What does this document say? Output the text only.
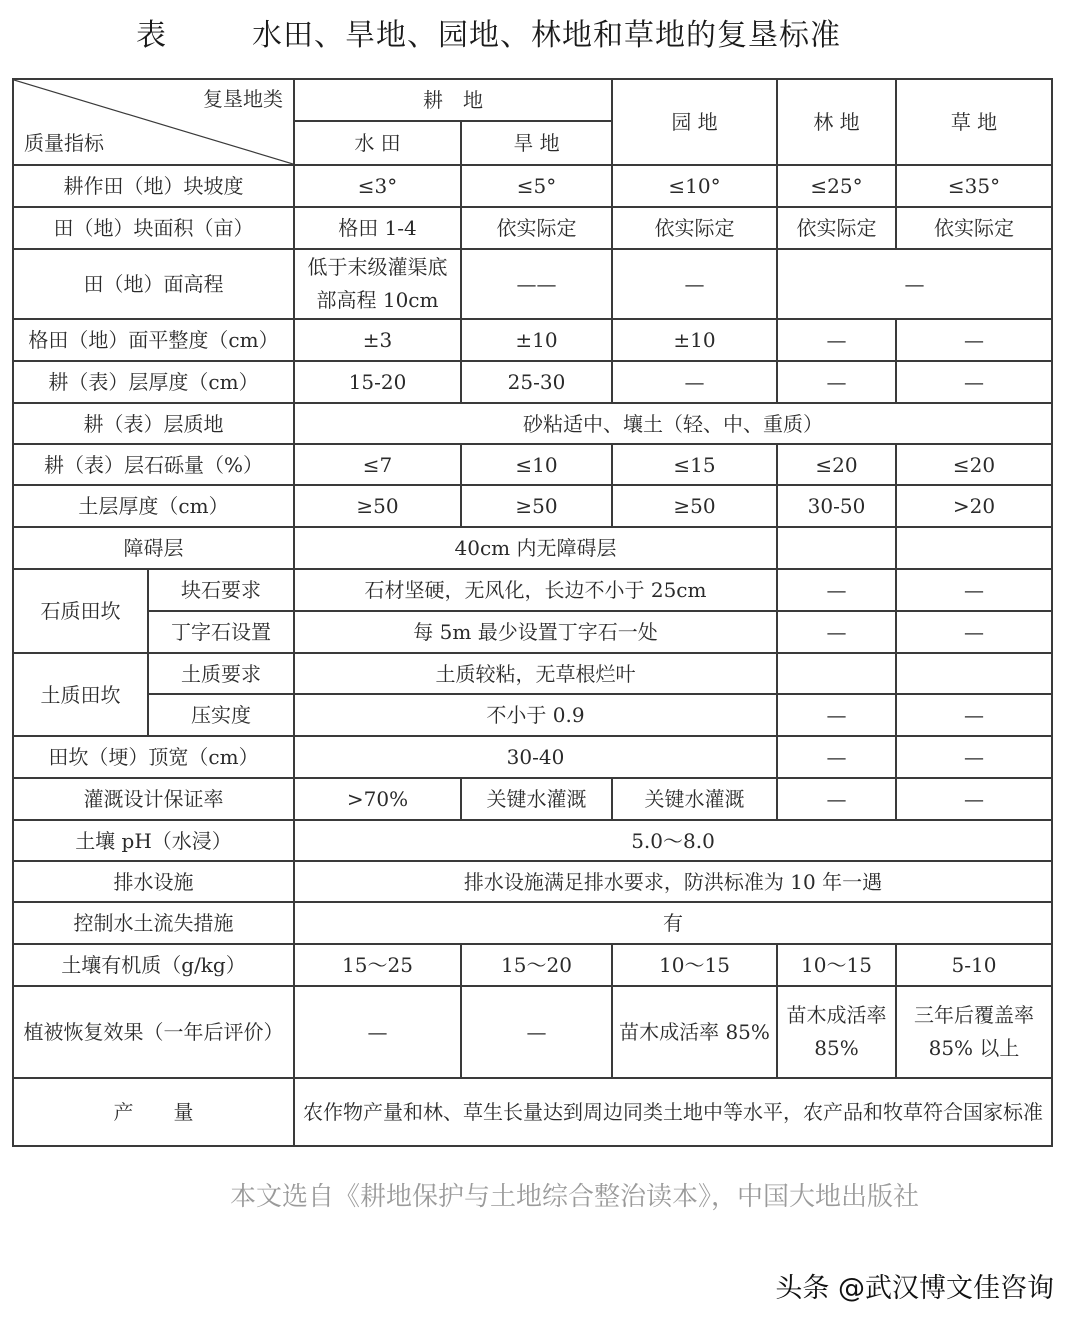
表	水田、旱地、园地、林地和草地的复垦标准
复垦地类
质量指标		耕　地		园 地	林 地	草 地
		水 田	旱 地			
耕作田（地）块坡度		≤3°	≤5°	≤10°	≤25°	≤35°
田（地）块面积（亩）		格田 1-4	依实际定	依实际定	依实际定	依实际定
田（地）面高程		低于末级灌渠底部高程 10cm	——	—	—	
格田（地）面平整度（cm）		±3	±10	±10	—	—
耕（表）层厚度（cm）		15-20	25-30	—	—	—
耕（表）层质地		砂粘适中、壤土（轻、中、重质）				
耕（表）层石砾量（%）		≤7	≤10	≤15	≤20	≤20
土层厚度（cm）		≥50	≥50	≥50	30-50	>20
障碍层		40cm 内无障碍层				
石质田坎	块石要求	石材坚硬，无风化，长边不小于 25cm			—	—
	丁字石设置	每 5m 最少设置丁字石一处			—	—
土质田坎	土质要求	土质较粘，无草根烂叶				
	压实度	不小于 0.9			—	—
田坎（埂）顶宽（cm）		30-40			—	—
灌溉设计保证率		>70%	关键水灌溉	关键水灌溉	—	—
土壤 pH（水浸）		5.0～8.0				
排水设施		排水设施满足排水要求，防洪标准为 10 年一遇				
控制水土流失措施		有				
土壤有机质（g/kg）		15～25	15～20	10～15	10～15	5-10
植被恢复效果（一年后评价）		—	—	苗木成活率 85%	苗木成活率 85%	三年后覆盖率 85% 以上
产　　量		农作物产量和林、草生长量达到周边同类土地中等水平，农产品和牧草符合国家标准				
本文选自《耕地保护与土地综合整治读本》，中国大地出版社
头条 @武汉博文佳咨询
